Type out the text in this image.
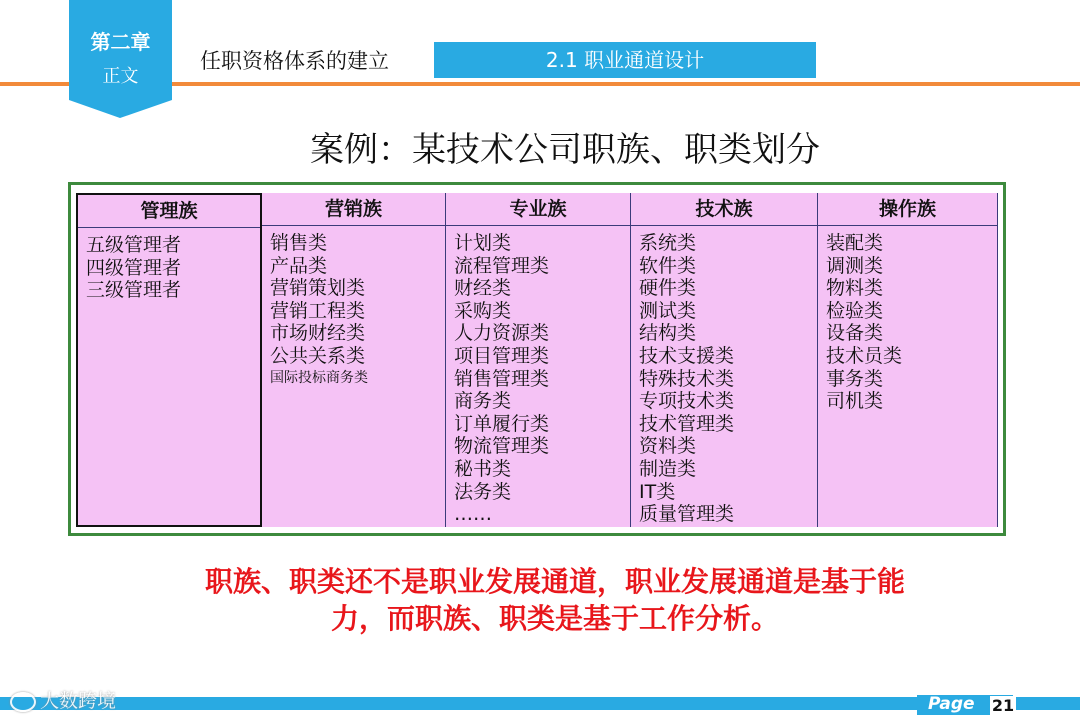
第二章
正文
任职资格体系的建立	2.1 职业通道设计
案例：某技术公司职族、职类划分
管理族
五级管理者
四级管理者
三级管理者
营销族
销售类
产品类
营销策划类
营销工程类
市场财经类
公共关系类
国际投标商务类
专业族
计划类
流程管理类
财经类
采购类
人力资源类
项目管理类
销售管理类
商务类
订单履行类
物流管理类
秘书类
法务类
……
技术族
系统类
软件类
硬件类
测试类
结构类
技术支援类
特殊技术类
专项技术类
技术管理类
资料类
制造类
IT类
质量管理类
操作族
装配类
调测类
物料类
检验类
设备类
技术员类
事务类
司机类
职族、职类还不是职业发展通道，职业发展通道是基于能
力，而职族、职类是基于工作分析。
Page 21
大数跨境
